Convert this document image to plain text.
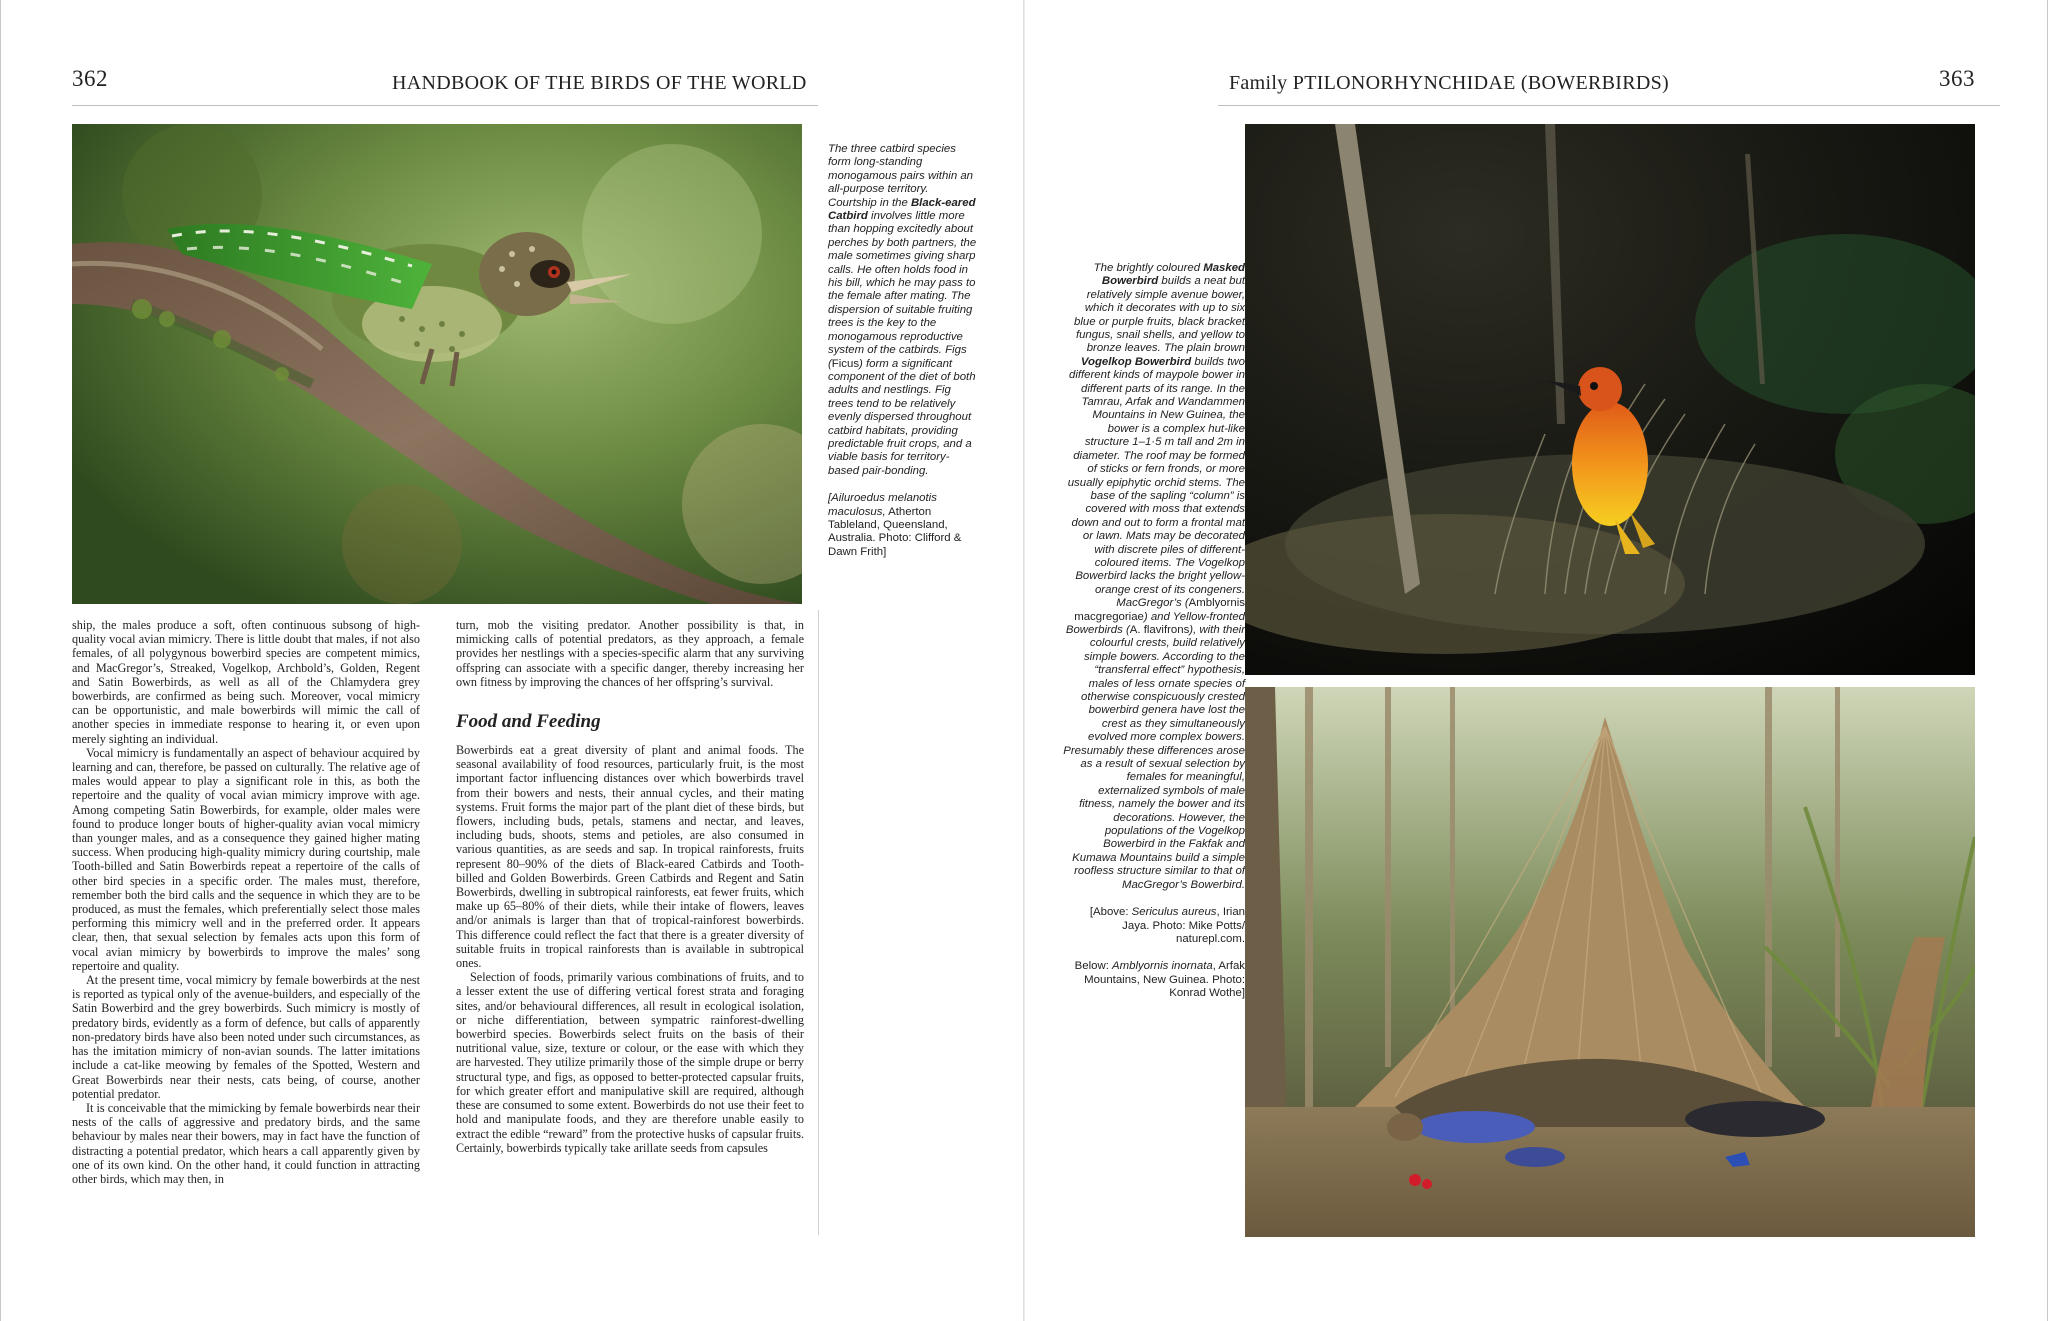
362	HANDBOOK OF THE BIRDS OF THE WORLD
The three catbird species form long-standing monogamous pairs within an all-purpose territory. Courtship in the Black-eared Catbird involves little more than hopping excitedly about perches by both partners, the male sometimes giving sharp calls. He often holds food in his bill, which he may pass to the female after mating. The dispersion of suitable fruiting trees is the key to the monogamous reproductive system of the catbirds. Figs (Ficus) form a significant component of the diet of both adults and nestlings. Fig trees tend to be relatively evenly dispersed throughout catbird habitats, providing predictable fruit crops, and a viable basis for territory-based pair-bonding.
[Ailuroedus melanotis maculosus, Atherton Tableland, Queensland, Australia. Photo: Clifford & Dawn Frith]

ship, the males produce a soft, often continuous subsong of high-quality vocal avian mimicry. There is little doubt that males, if not also females, of all polygynous bowerbird species are competent mimics, and MacGregor’s, Streaked, Vogelkop, Archbold’s, Golden, Regent and Satin Bowerbirds, as well as all of the Chlamydera grey bowerbirds, are confirmed as being such. Moreover, vocal mimicry can be opportunistic, and male bowerbirds will mimic the call of another species in immediate response to hearing it, or even upon merely sighting an individual.

Vocal mimicry is fundamentally an aspect of behaviour acquired by learning and can, therefore, be passed on culturally. The relative age of males would appear to play a significant role in this, as both the repertoire and the quality of vocal avian mimicry improve with age. Among competing Satin Bowerbirds, for example, older males were found to produce longer bouts of higher-quality avian vocal mimicry than younger males, and as a consequence they gained higher mating success. When producing high-quality mimicry during courtship, male Tooth-billed and Satin Bowerbirds repeat a repertoire of the calls of other bird species in a specific order. The males must, therefore, remember both the bird calls and the sequence in which they are to be produced, as must the females, which preferentially select those males performing this mimicry well and in the preferred order. It appears clear, then, that sexual selection by females acts upon this form of vocal avian mimicry by bowerbirds to improve the males’ song repertoire and quality.

At the present time, vocal mimicry by female bowerbirds at the nest is reported as typical only of the avenue-builders, and especially of the Satin Bowerbird and the grey bowerbirds. Such mimicry is mostly of predatory birds, evidently as a form of defence, but calls of apparently non-predatory birds have also been noted under such circumstances, as has the imitation mimicry of non-avian sounds. The latter imitations include a cat-like meowing by females of the Spotted, Western and Great Bowerbirds near their nests, cats being, of course, another potential predator.

It is conceivable that the mimicking by female bowerbirds near their nests of the calls of aggressive and predatory birds, and the same behaviour by males near their bowers, may in fact have the function of distracting a potential predator, which hears a call apparently given by one of its own kind. On the other hand, it could function in attracting other birds, which may then, in

turn, mob the visiting predator. Another possibility is that, in mimicking calls of potential predators, as they approach, a female provides her nestlings with a species-specific alarm that any surviving offspring can associate with a specific danger, thereby increasing her own fitness by improving the chances of her offspring’s survival.

Food and Feeding

Bowerbirds eat a great diversity of plant and animal foods. The seasonal availability of food resources, particularly fruit, is the most important factor influencing distances over which bowerbirds travel from their bowers and nests, their annual cycles, and their mating systems. Fruit forms the major part of the plant diet of these birds, but flowers, including buds, petals, stamens and nectar, and leaves, including buds, shoots, stems and petioles, are also consumed in various quantities, as are seeds and sap. In tropical rainforests, fruits represent 80–90% of the diets of Black-eared Catbirds and Tooth-billed and Golden Bowerbirds. Green Catbirds and Regent and Satin Bowerbirds, dwelling in subtropical rainforests, eat fewer fruits, which make up 65–80% of their diets, while their intake of flowers, leaves and/or animals is larger than that of tropical-rainforest bowerbirds. This difference could reflect the fact that there is a greater diversity of suitable fruits in tropical rainforests than is available in subtropical ones.

Selection of foods, primarily various combinations of fruits, and to a lesser extent the use of differing vertical forest strata and foraging sites, and/or behavioural differences, all result in ecological isolation, or niche differentiation, between sympatric rainforest-dwelling bowerbird species. Bowerbirds select fruits on the basis of their nutritional value, size, texture or colour, or the ease with which they are harvested. They utilize primarily those of the simple drupe or berry structural type, and figs, as opposed to better-protected capsular fruits, for which greater effort and manipulative skill are required, although these are consumed to some extent. Bowerbirds do not use their feet to hold and manipulate foods, and they are therefore unable easily to extract the edible “reward” from the protective husks of capsular fruits. Certainly, bowerbirds typically take arillate seeds from capsules

Family PTILONORHYNCHIDAE (BOWERBIRDS)	363
The brightly coloured Masked Bowerbird builds a neat but relatively simple avenue bower, which it decorates with up to six blue or purple fruits, black bracket fungus, snail shells, and yellow to bronze leaves. The plain brown Vogelkop Bowerbird builds two different kinds of maypole bower in different parts of its range. In the Tamrau, Arfak and Wandammen Mountains in New Guinea, the bower is a complex hut-like structure 1–1·5 m tall and 2m in diameter. The roof may be formed of sticks or fern fronds, or more usually epiphytic orchid stems. The base of the sapling “column” is covered with moss that extends down and out to form a frontal mat or lawn. Mats may be decorated with discrete piles of different-coloured items. The Vogelkop Bowerbird lacks the bright yellow-orange crest of its congeners. MacGregor’s (Amblyornis macgregoriae) and Yellow-fronted Bowerbirds (A. flavifrons), with their colourful crests, build relatively simple bowers. According to the “transferral effect” hypothesis, males of less ornate species of otherwise conspicuously crested bowerbird genera have lost the crest as they simultaneously evolved more complex bowers. Presumably these differences arose as a result of sexual selection by females for meaningful, externalized symbols of male fitness, namely the bower and its decorations. However, the populations of the Vogelkop Bowerbird in the Fakfak and Kumawa Mountains build a simple roofless structure similar to that of MacGregor’s Bowerbird.
[Above: Sericulus aureus, Irian Jaya. Photo: Mike Potts/ naturepl.com.
Below: Amblyornis inornata, Arfak Mountains, New Guinea. Photo: Konrad Wothe]
